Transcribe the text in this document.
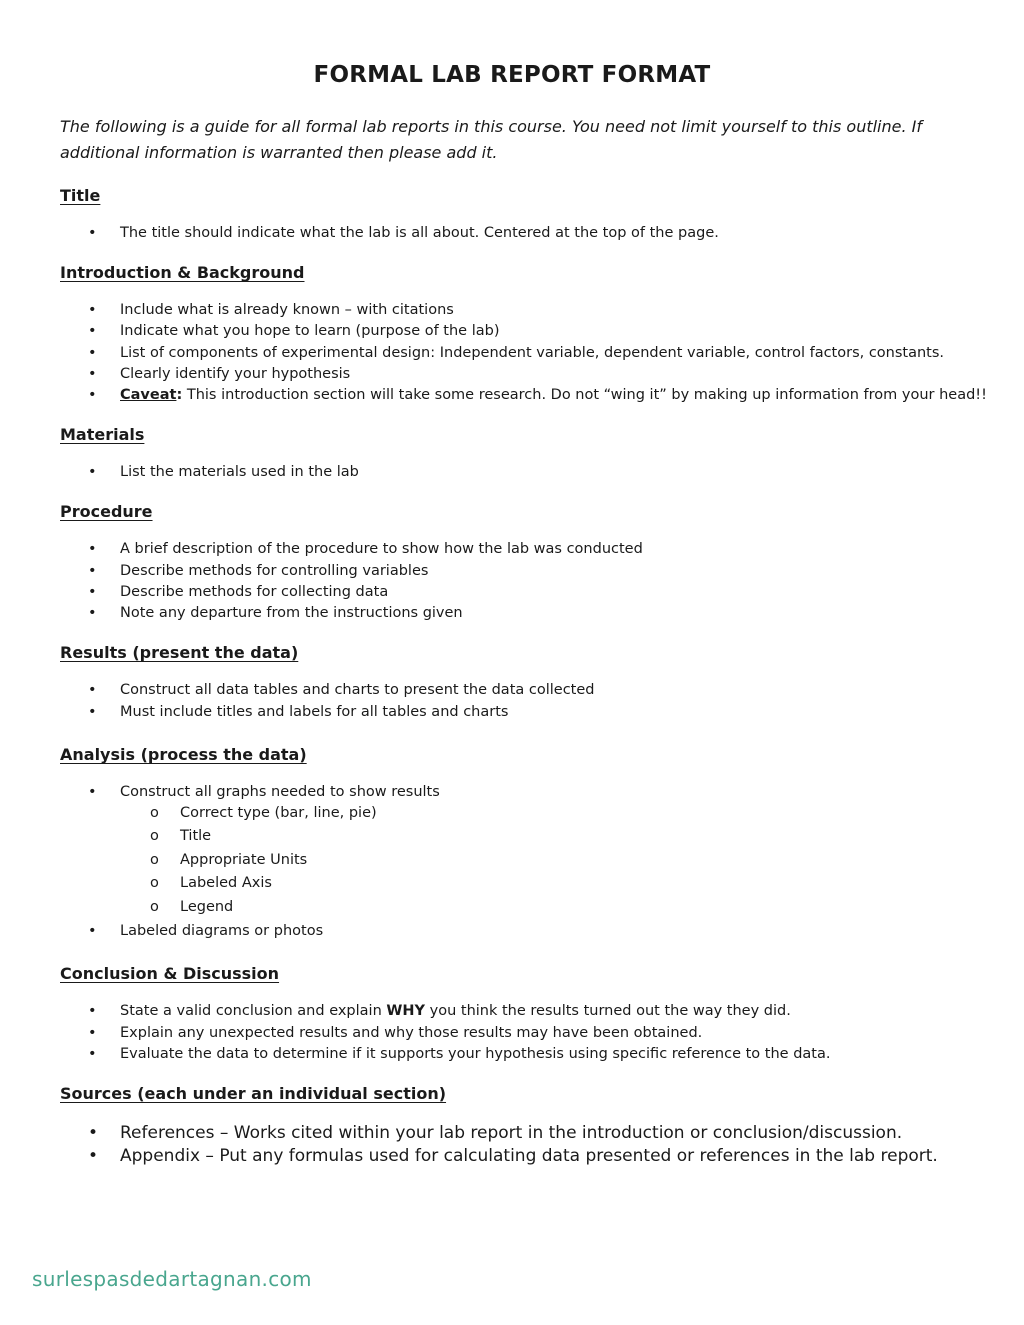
FORMAL LAB REPORT FORMAT
The following is a guide for all formal lab reports in this course. You need not limit yourself to this outline. If additional information is warranted then please add it.
Title
• The title should indicate what the lab is all about. Centered at the top of the page.
Introduction & Background
• Include what is already known – with citations
• Indicate what you hope to learn (purpose of the lab)
• List of components of experimental design: Independent variable, dependent variable, control factors, constants.
• Clearly identify your hypothesis
• Caveat: This introduction section will take some research. Do not “wing it” by making up information from your head!!
Materials
• List the materials used in the lab
Procedure
• A brief description of the procedure to show how the lab was conducted
• Describe methods for controlling variables
• Describe methods for collecting data
• Note any departure from the instructions given
Results (present the data)
• Construct all data tables and charts to present the data collected
• Must include titles and labels for all tables and charts
Analysis (process the data)
• Construct all graphs needed to show results
o Correct type (bar, line, pie)
o Title
o Appropriate Units
o Labeled Axis
o Legend
• Labeled diagrams or photos
Conclusion & Discussion
• State a valid conclusion and explain WHY you think the results turned out the way they did.
• Explain any unexpected results and why those results may have been obtained.
• Evaluate the data to determine if it supports your hypothesis using specific reference to the data.
Sources (each under an individual section)
• References – Works cited within your lab report in the introduction or conclusion/discussion.
• Appendix – Put any formulas used for calculating data presented or references in the lab report.
surlespasdedartagnan.com
